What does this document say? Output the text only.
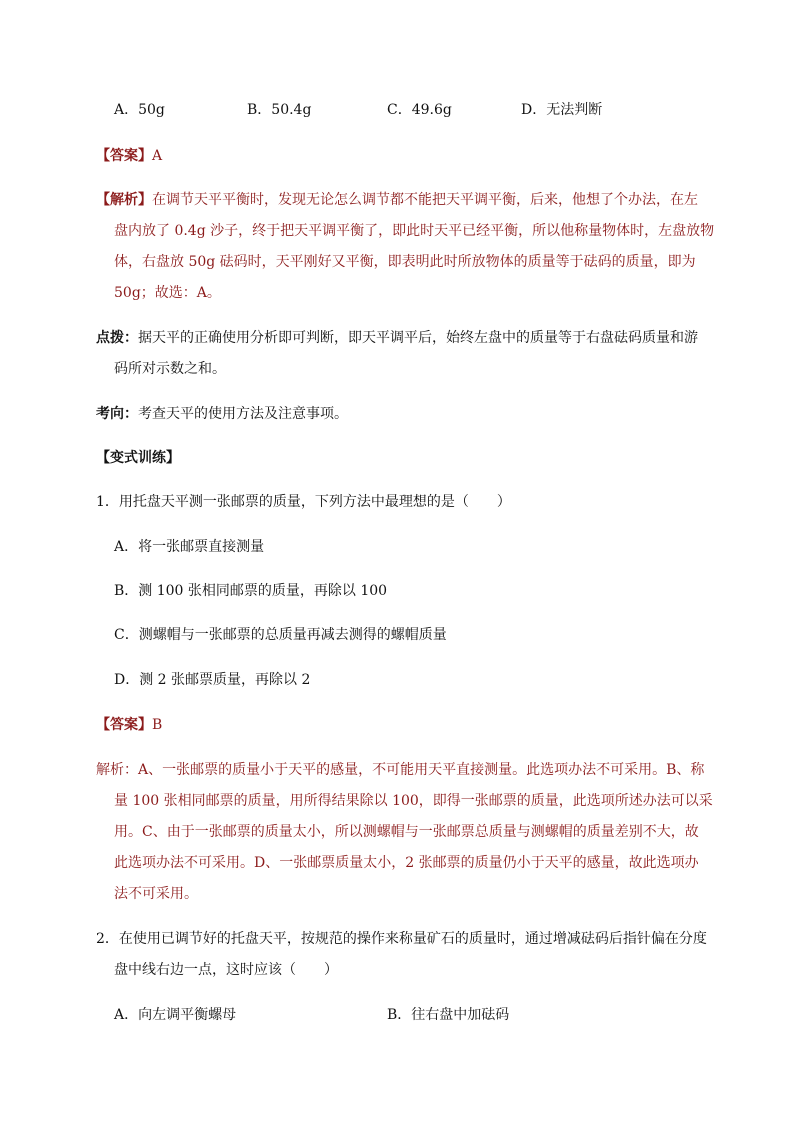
A．50g	B．50.4g	C．49.6g	D．无法判断
【答案】A
【解析】在调节天平平衡时，发现无论怎么调节都不能把天平调平衡，后来，他想了个办法，在左
盘内放了 0.4g 沙子，终于把天平调平衡了，即此时天平已经平衡，所以他称量物体时，左盘放物
体，右盘放 50g 砝码时，天平刚好又平衡，即表明此时所放物体的质量等于砝码的质量，即为
50g；故选：A。
点拨：据天平的正确使用分析即可判断，即天平调平后，始终左盘中的质量等于右盘砝码质量和游
码所对示数之和。
考向：考查天平的使用方法及注意事项。
【变式训练】
1．用托盘天平测一张邮票的质量，下列方法中最理想的是（　　）
A．将一张邮票直接测量
B．测 100 张相同邮票的质量，再除以 100
C．测螺帽与一张邮票的总质量再减去测得的螺帽质量
D．测 2 张邮票质量，再除以 2
【答案】B
解析：A、一张邮票的质量小于天平的感量，不可能用天平直接测量。此选项办法不可采用。B、称
量 100 张相同邮票的质量，用所得结果除以 100，即得一张邮票的质量，此选项所述办法可以采
用。C、由于一张邮票的质量太小，所以测螺帽与一张邮票总质量与测螺帽的质量差别不大，故
此选项办法不可采用。D、一张邮票质量太小，2 张邮票的质量仍小于天平的感量，故此选项办
法不可采用。
2．在使用已调节好的托盘天平，按规范的操作来称量矿石的质量时，通过增减砝码后指针偏在分度
盘中线右边一点，这时应该（　　）
A．向左调平衡螺母	B．往右盘中加砝码
